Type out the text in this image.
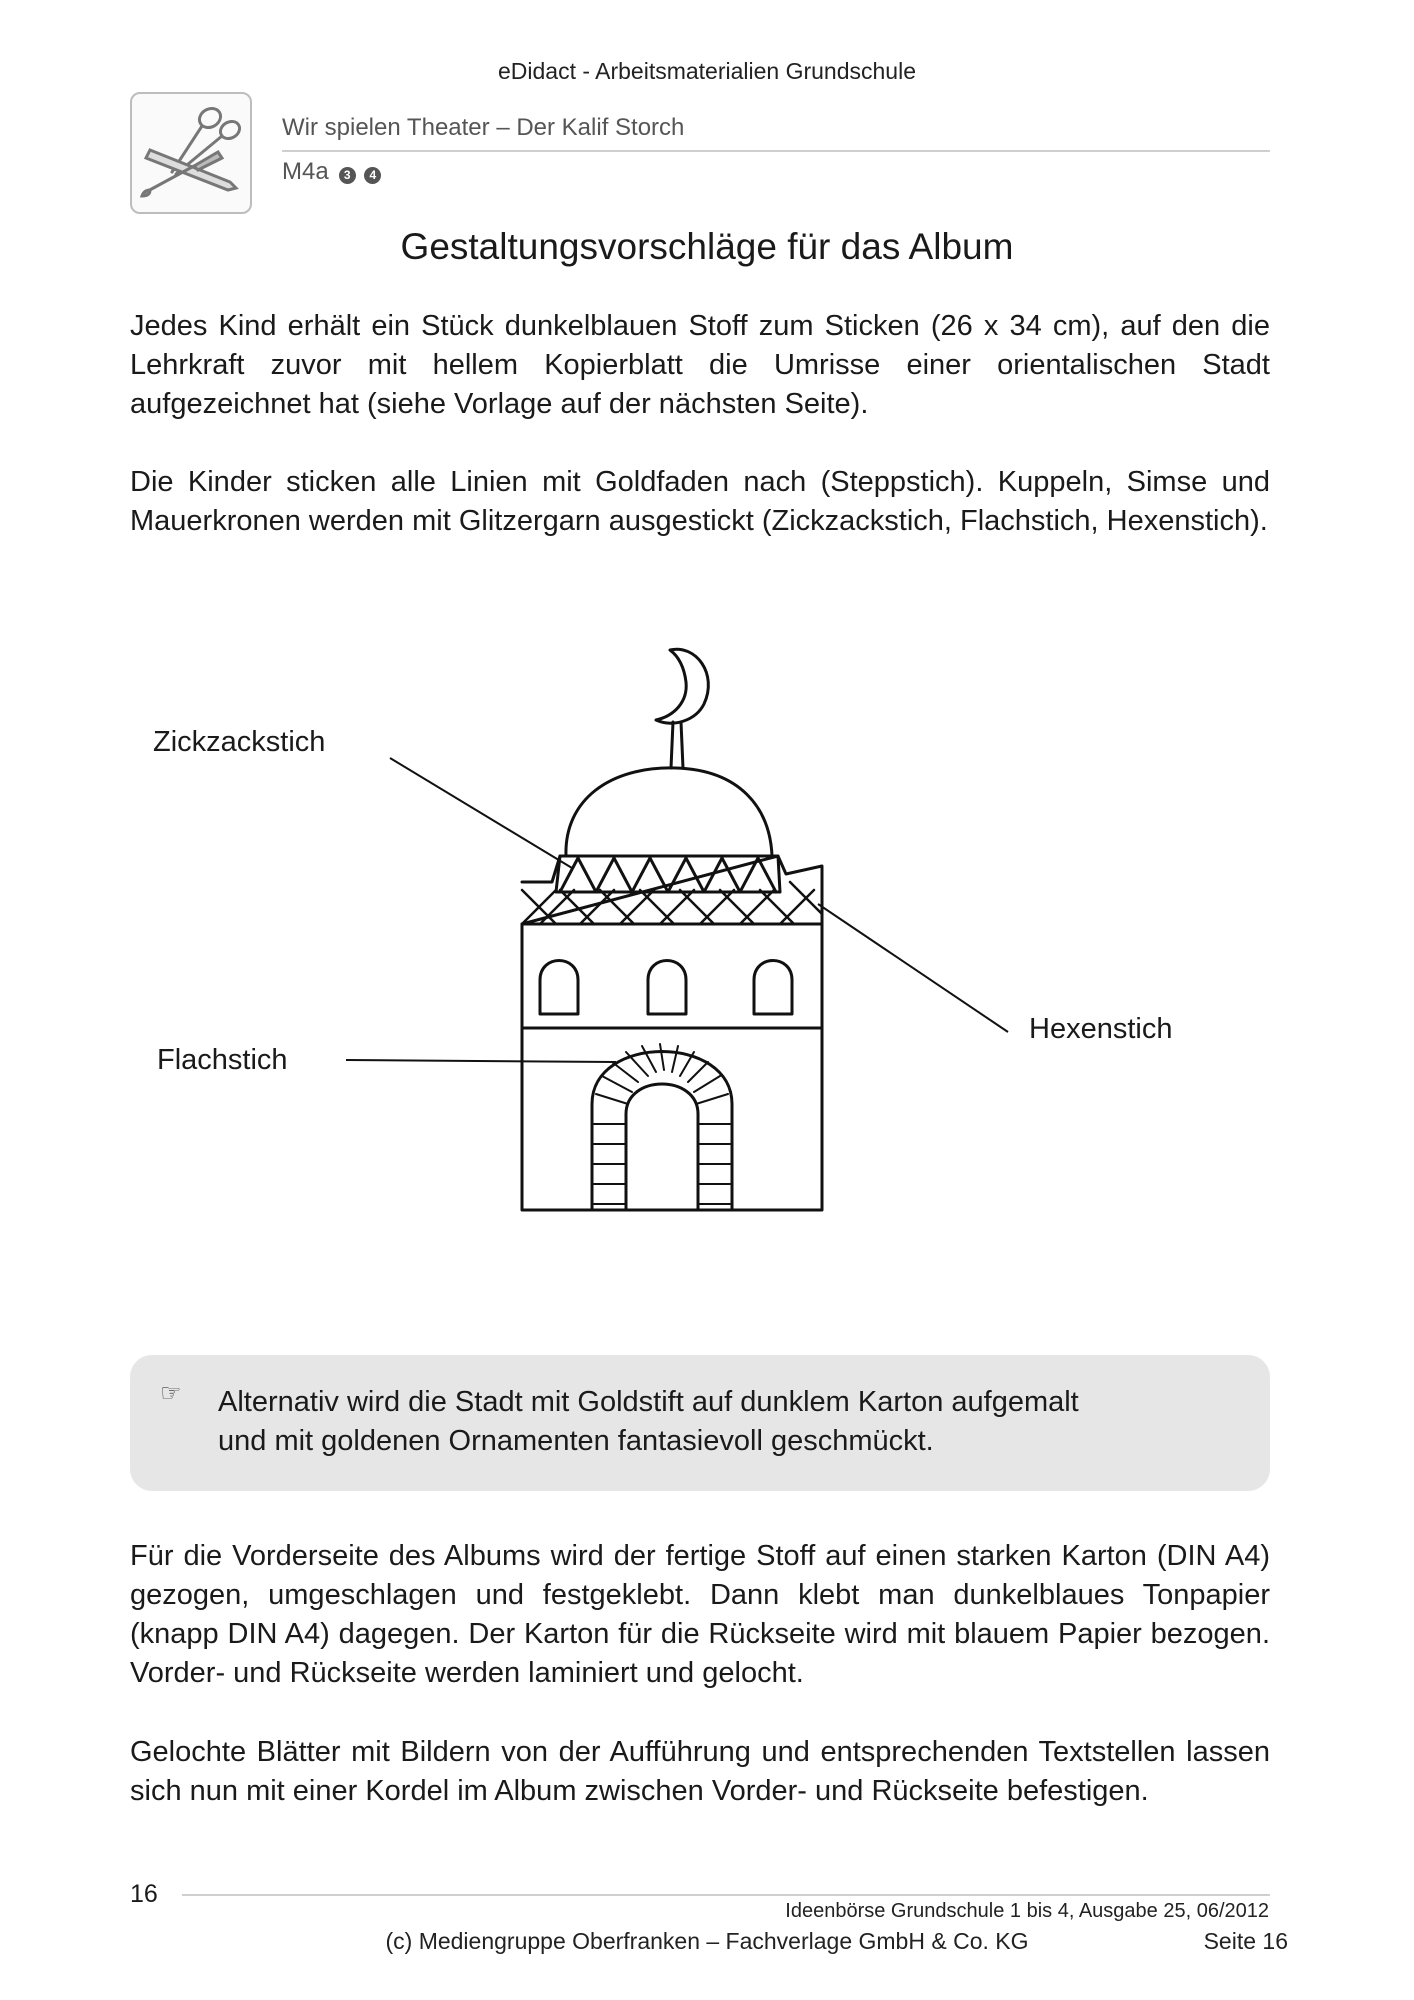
eDidact - Arbeitsmaterialien Grundschule
Wir spielen Theater – Der Kalif Storch
M4a	3 4
Gestaltungsvorschläge für das Album

Jedes Kind erhält ein Stück dunkelblauen Stoff zum Sticken (26 x 34 cm), auf den die Lehrkraft zuvor mit hellem Kopierblatt die Umrisse einer orientalischen Stadt aufgezeichnet hat (siehe Vorlage auf der nächsten Seite).

Die Kinder sticken alle Linien mit Goldfaden nach (Steppstich). Kuppeln, Simse und Mauerkronen werden mit Glitzergarn ausgestickt (Zickzackstich, Flachstich, Hexenstich).

Zickzackstich
Flachstich
Hexenstich
☞ Alternativ wird die Stadt mit Goldstift auf dunklem Karton aufgemalt
und mit goldenen Ornamenten fantasievoll geschmückt.

Für die Vorderseite des Albums wird der fertige Stoff auf einen starken Karton (DIN A4) gezogen, umgeschlagen und festgeklebt. Dann klebt man dunkelblaues Tonpapier (knapp DIN A4) dagegen. Der Karton für die Rückseite wird mit blauem Papier bezogen. Vorder- und Rückseite werden laminiert und gelocht.

Gelochte Blätter mit Bildern von der Aufführung und entsprechenden Textstellen lassen sich nun mit einer Kordel im Album zwischen Vorder- und Rückseite befestigen.

16
Ideenbörse Grundschule 1 bis 4, Ausgabe 25, 06/2012
(c) Mediengruppe Oberfranken – Fachverlage GmbH & Co. KG	Seite 16
